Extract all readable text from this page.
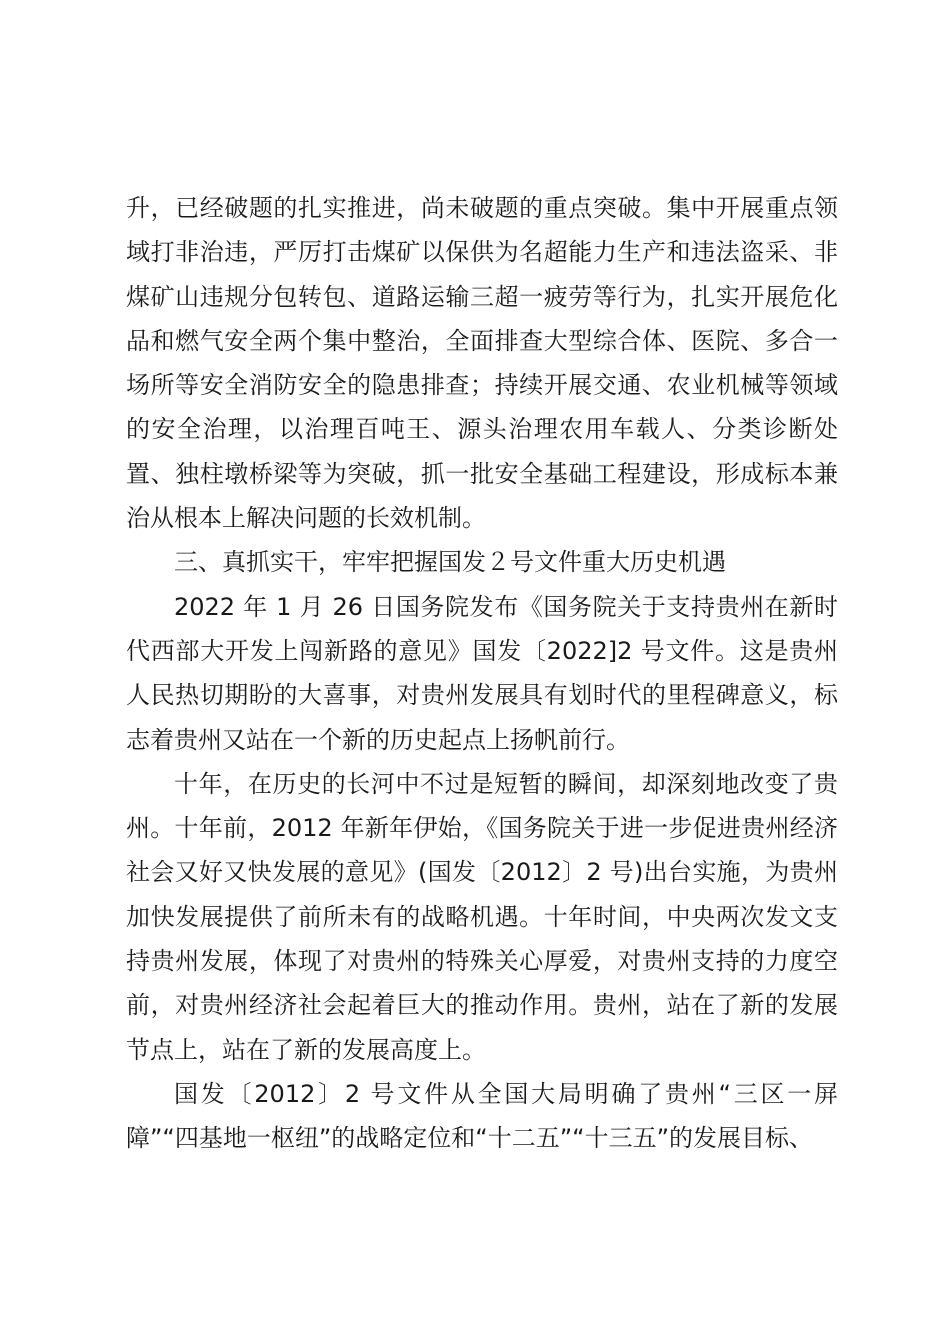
升，已经破题的扎实推进，尚未破题的重点突破。集中开展重点领域打非治违，严厉打击煤矿以保供为名超能力生产和违法盗采、非煤矿山违规分包转包、道路运输三超一疲劳等行为，扎实开展危化品和燃气安全两个集中整治，全面排查大型综合体、医院、多合一场所等安全消防安全的隐患排查；持续开展交通、农业机械等领域的安全治理，以治理百吨王、源头治理农用车载人、分类诊断处置、独柱墩桥梁等为突破，抓一批安全基础工程建设，形成标本兼治从根本上解决问题的长效机制。

三、真抓实干，牢牢把握国发２号文件重大历史机遇

2022 年 1 月 26 日国务院发布《国务院关于支持贵州在新时代西部大开发上闯新路的意见》国发〔2022]2 号文件。这是贵州人民热切期盼的大喜事，对贵州发展具有划时代的里程碑意义，标志着贵州又站在一个新的历史起点上扬帆前行。

十年，在历史的长河中不过是短暂的瞬间，却深刻地改变了贵州。十年前，2012 年新年伊始，《国务院关于进一步促进贵州经济社会又好又快发展的意见》(国发〔2012〕2 号)出台实施，为贵州加快发展提供了前所未有的战略机遇。十年时间，中央两次发文支持贵州发展，体现了对贵州的特殊关心厚爱，对贵州支持的力度空前，对贵州经济社会起着巨大的推动作用。贵州，站在了新的发展节点上，站在了新的发展高度上。

国发〔2012〕2 号文件从全国大局明确了贵州“三区一屏障”“四基地一枢纽”的战略定位和“十二五”“十三五”的发展目标、
